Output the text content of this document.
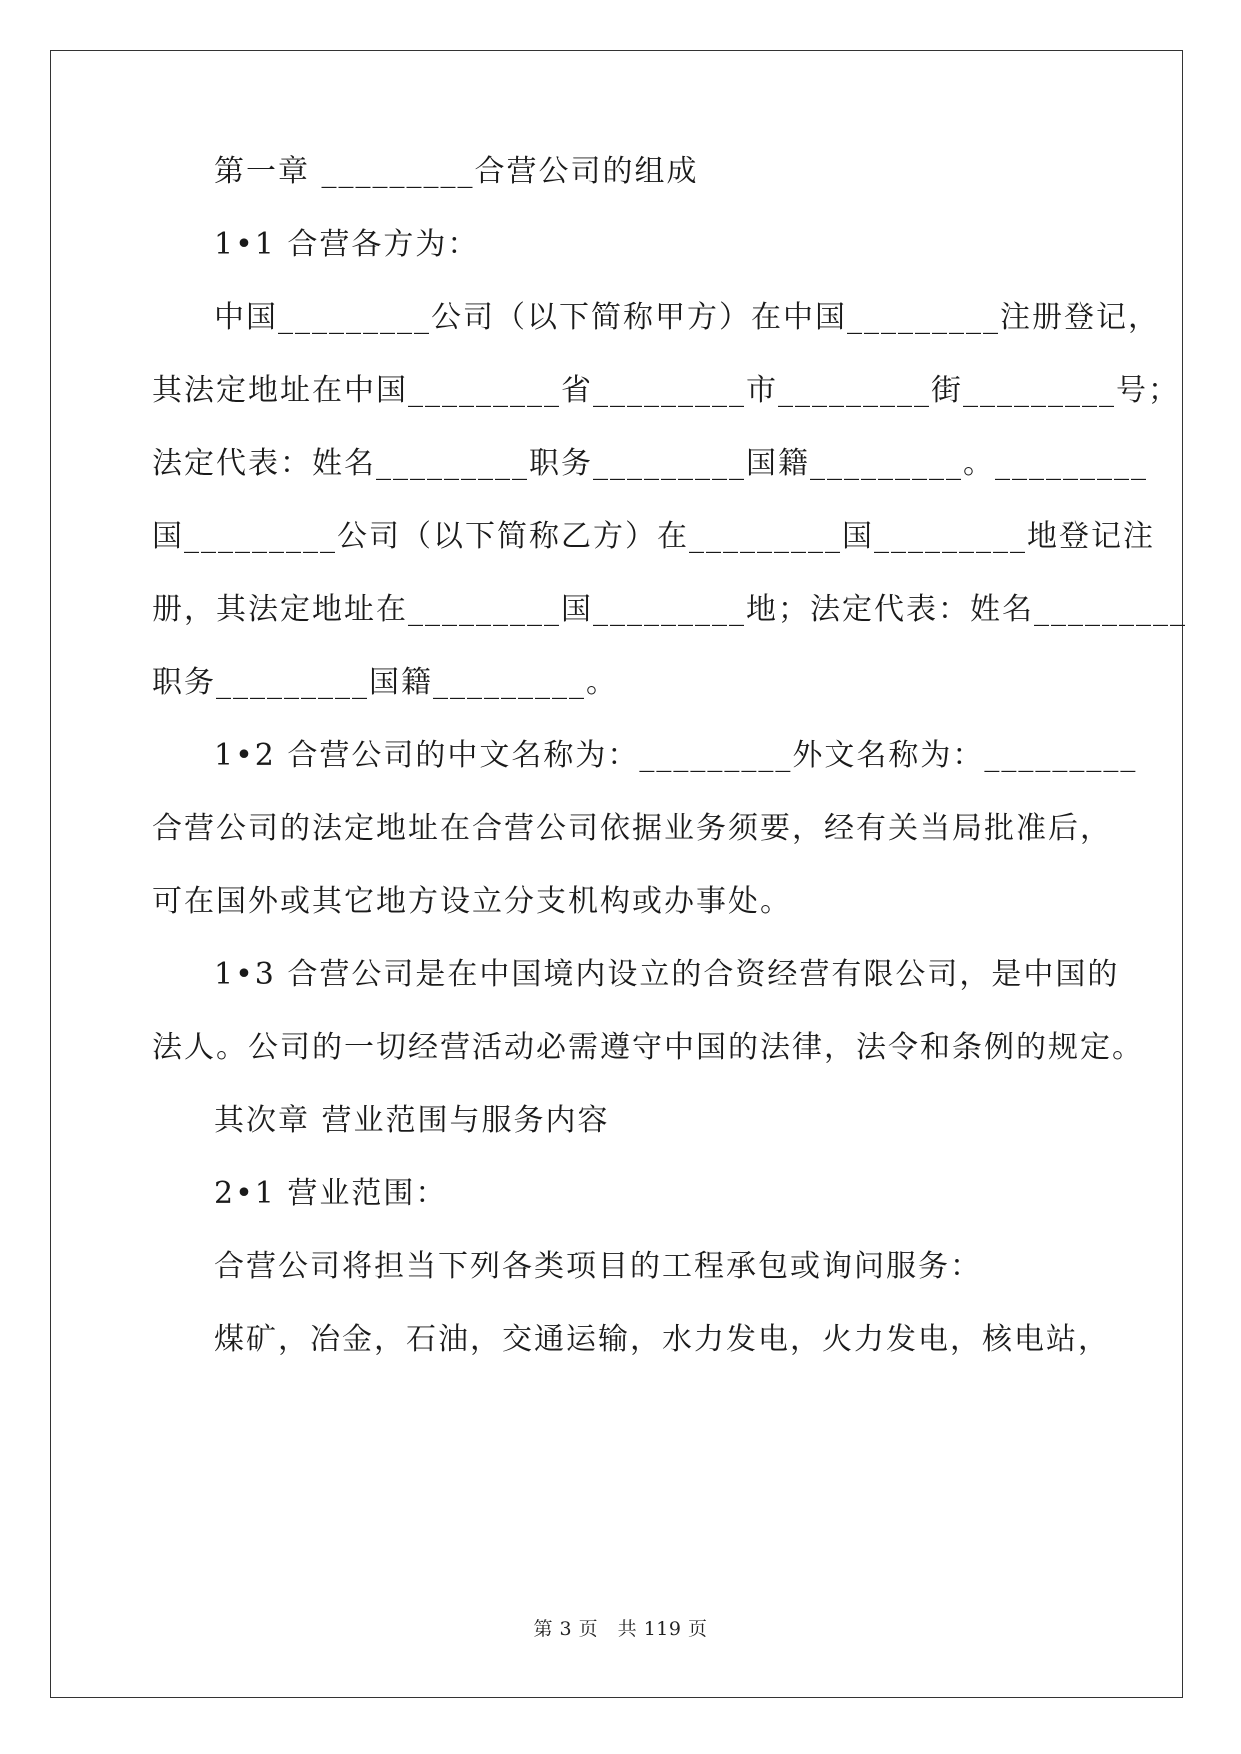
第一章 _________合营公司的组成
1•1 合营各方为：
中国_________公司（以下简称甲方）在中国_________注册登记，
其法定地址在中国_________省_________市_________街_________号；
法定代表：姓名_________职务_________国籍_________。_________
国_________公司（以下简称乙方）在_________国_________地登记注
册，其法定地址在_________国_________地；法定代表：姓名_________
职务_________国籍_________。
1•2 合营公司的中文名称为：_________外文名称为：_________
合营公司的法定地址在合营公司依据业务须要，经有关当局批准后，
可在国外或其它地方设立分支机构或办事处。
1•3 合营公司是在中国境内设立的合资经营有限公司，是中国的
法人。公司的一切经营活动必需遵守中国的法律，法令和条例的规定。
其次章 营业范围与服务内容
2•1 营业范围：
合营公司将担当下列各类项目的工程承包或询问服务：
煤矿，冶金，石油，交通运输，水力发电，火力发电，核电站，
第 3 页　共 119 页
